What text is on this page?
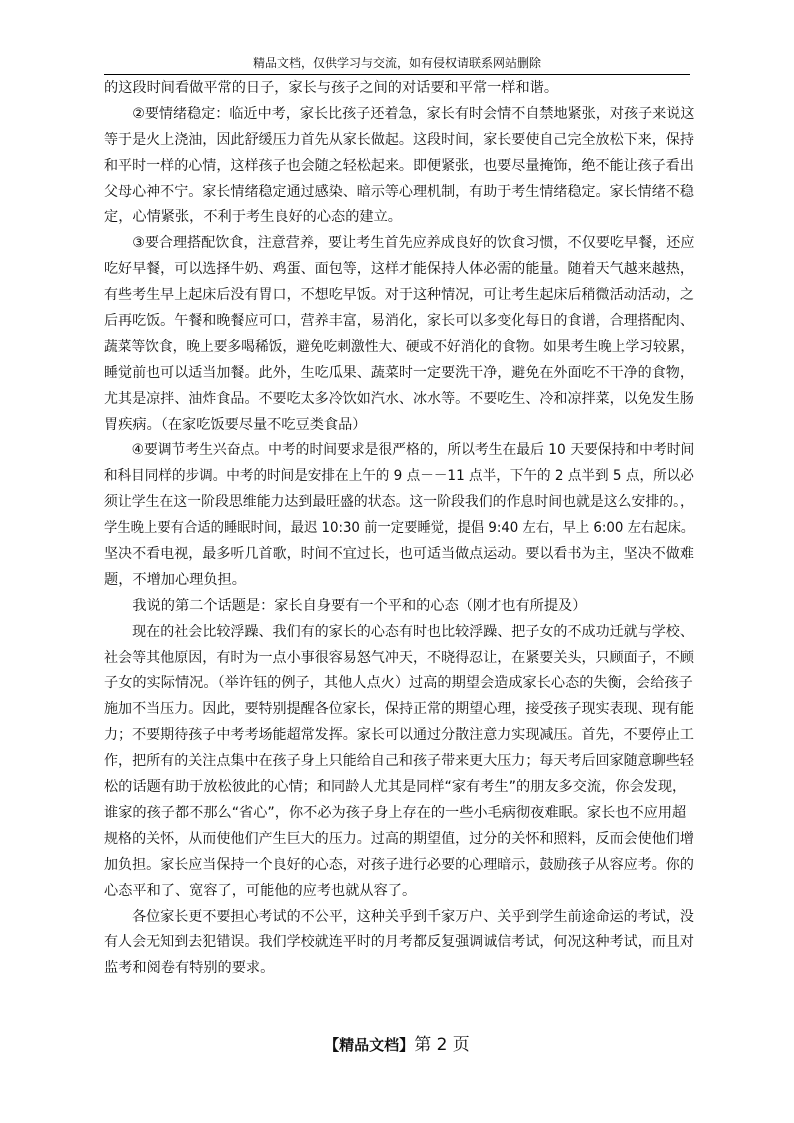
精品文档，仅供学习与交流，如有侵权请联系网站删除
的这段时间看做平常的日子，家长与孩子之间的对话要和平常一样和谐。
②要情绪稳定：临近中考，家长比孩子还着急，家长有时会情不自禁地紧张，对孩子来说这
等于是火上浇油，因此舒缓压力首先从家长做起。这段时间，家长要使自己完全放松下来，保持
和平时一样的心情，这样孩子也会随之轻松起来。即便紧张，也要尽量掩饰，绝不能让孩子看出
父母心神不宁。家长情绪稳定通过感染、暗示等心理机制，有助于考生情绪稳定。家长情绪不稳
定，心情紧张，不利于考生良好的心态的建立。
③要合理搭配饮食，注意营养，要让考生首先应养成良好的饮食习惯，不仅要吃早餐，还应
吃好早餐，可以选择牛奶、鸡蛋、面包等，这样才能保持人体必需的能量。随着天气越来越热，
有些考生早上起床后没有胃口，不想吃早饭。对于这种情况，可让考生起床后稍微活动活动，之
后再吃饭。午餐和晚餐应可口，营养丰富，易消化，家长可以多变化每日的食谱，合理搭配肉、
蔬菜等饮食，晚上要多喝稀饭，避免吃刺激性大、硬或不好消化的食物。如果考生晚上学习较累，
睡觉前也可以适当加餐。此外，生吃瓜果、蔬菜时一定要洗干净，避免在外面吃不干净的食物，
尤其是凉拌、油炸食品。不要吃太多冷饮如汽水、冰水等。不要吃生、冷和凉拌菜，以免发生肠
胃疾病。（在家吃饭要尽量不吃豆类食品）
④要调节考生兴奋点。中考的时间要求是很严格的，所以考生在最后 10 天要保持和中考时间
和科目同样的步调。中考的时间是安排在上午的 9 点－－11 点半，下午的 2 点半到 5 点，所以必
须让学生在这一阶段思维能力达到最旺盛的状态。这一阶段我们的作息时间也就是这么安排的。，
学生晚上要有合适的睡眠时间，最迟 10:30 前一定要睡觉，提倡 9:40 左右，早上 6:00 左右起床。
坚决不看电视，最多听几首歌，时间不宜过长，也可适当做点运动。要以看书为主，坚决不做难
题，不增加心理负担。
我说的第二个话题是：家长自身要有一个平和的心态（刚才也有所提及）
现在的社会比较浮躁、我们有的家长的心态有时也比较浮躁、把子女的不成功迁就与学校、
社会等其他原因，有时为一点小事很容易怒气冲天，不晓得忍让，在紧要关头，只顾面子，不顾
子女的实际情况。（举许钰的例子，其他人点火）过高的期望会造成家长心态的失衡，会给孩子
施加不当压力。因此，要特别提醒各位家长，保持正常的期望心理，接受孩子现实表现、现有能
力；不要期待孩子中考考场能超常发挥。家长可以通过分散注意力实现减压。首先，不要停止工
作，把所有的关注点集中在孩子身上只能给自己和孩子带来更大压力；每天考后回家随意聊些轻
松的话题有助于放松彼此的心情；和同龄人尤其是同样“家有考生”的朋友多交流，你会发现，
谁家的孩子都不那么“省心”，你不必为孩子身上存在的一些小毛病彻夜难眠。家长也不应用超
规格的关怀，从而使他们产生巨大的压力。过高的期望值，过分的关怀和照料，反而会使他们增
加负担。家长应当保持一个良好的心态，对孩子进行必要的心理暗示，鼓励孩子从容应考。你的
心态平和了、宽容了，可能他的应考也就从容了。
各位家长更不要担心考试的不公平，这种关乎到千家万户、关乎到学生前途命运的考试，没
有人会无知到去犯错误。我们学校就连平时的月考都反复强调诚信考试，何况这种考试，而且对
监考和阅卷有特别的要求。
【精品文档】第 2 页
